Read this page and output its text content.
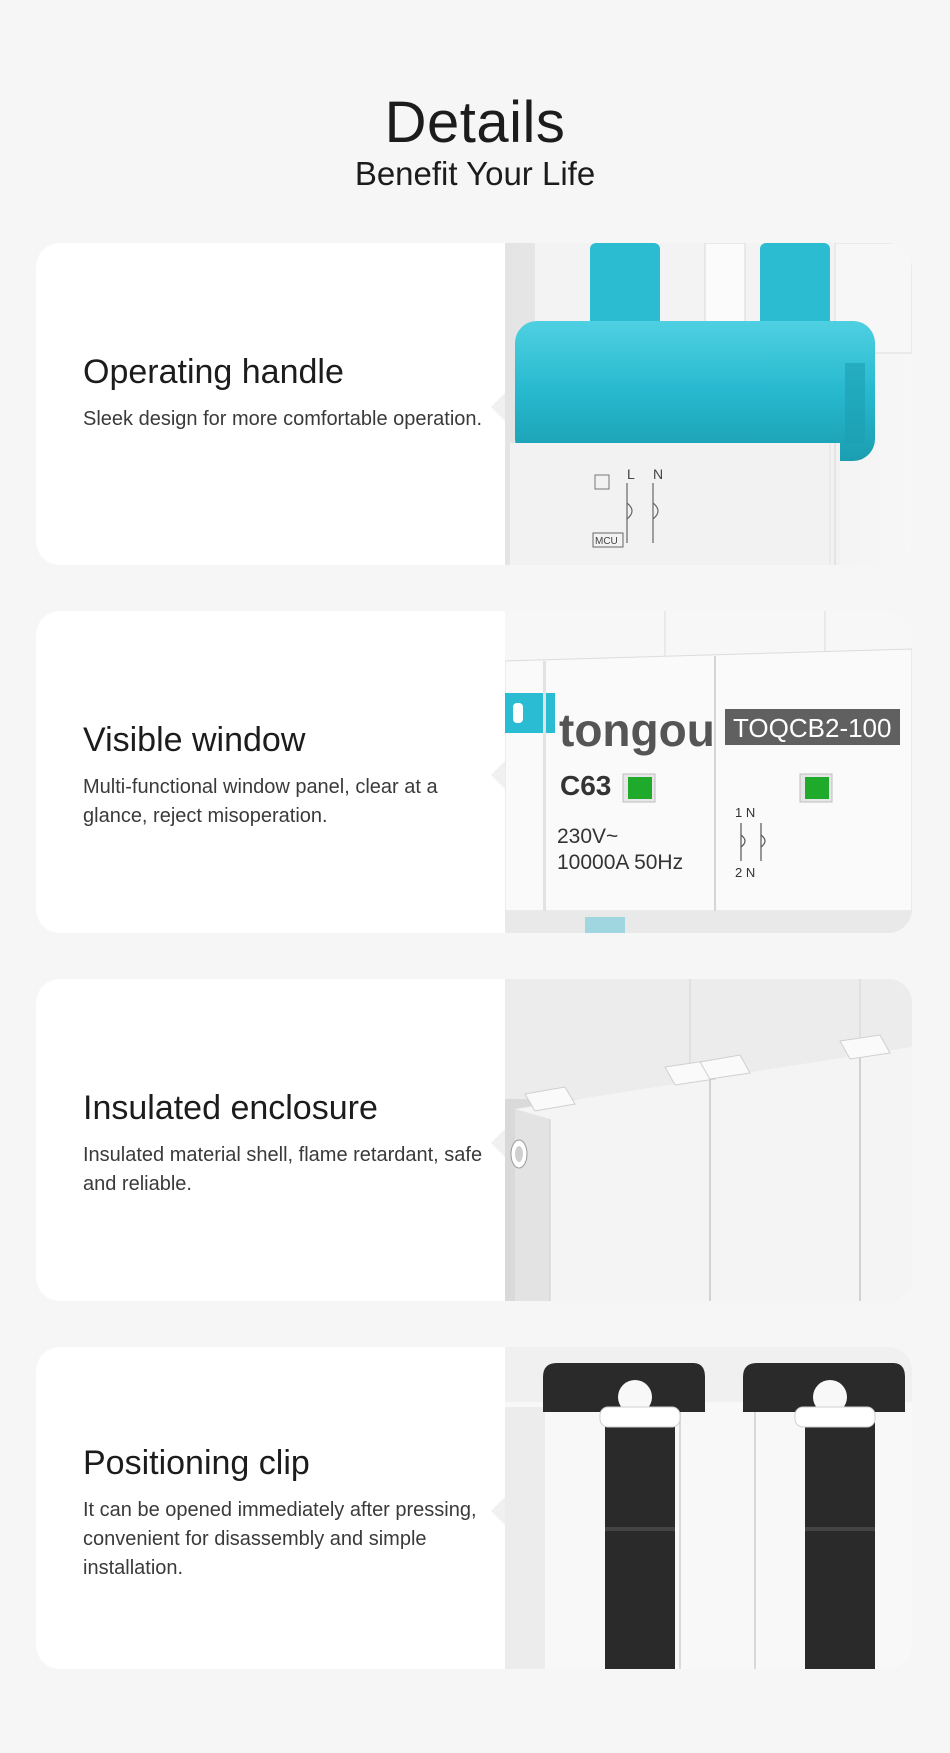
Details
Benefit Your Life
Operating handle
Sleek design for more comfortable operation.
L N
MCU
Visible window
Multi-functional window panel, clear at a glance, reject misoperation.
tongou TOQCB2-100
C63
230V~
10000A 50Hz
1 N
2 N
Insulated enclosure
Insulated material shell, flame retardant, safe and reliable.
Positioning clip
It can be opened immediately after pressing, convenient for disassembly and simple installation.
